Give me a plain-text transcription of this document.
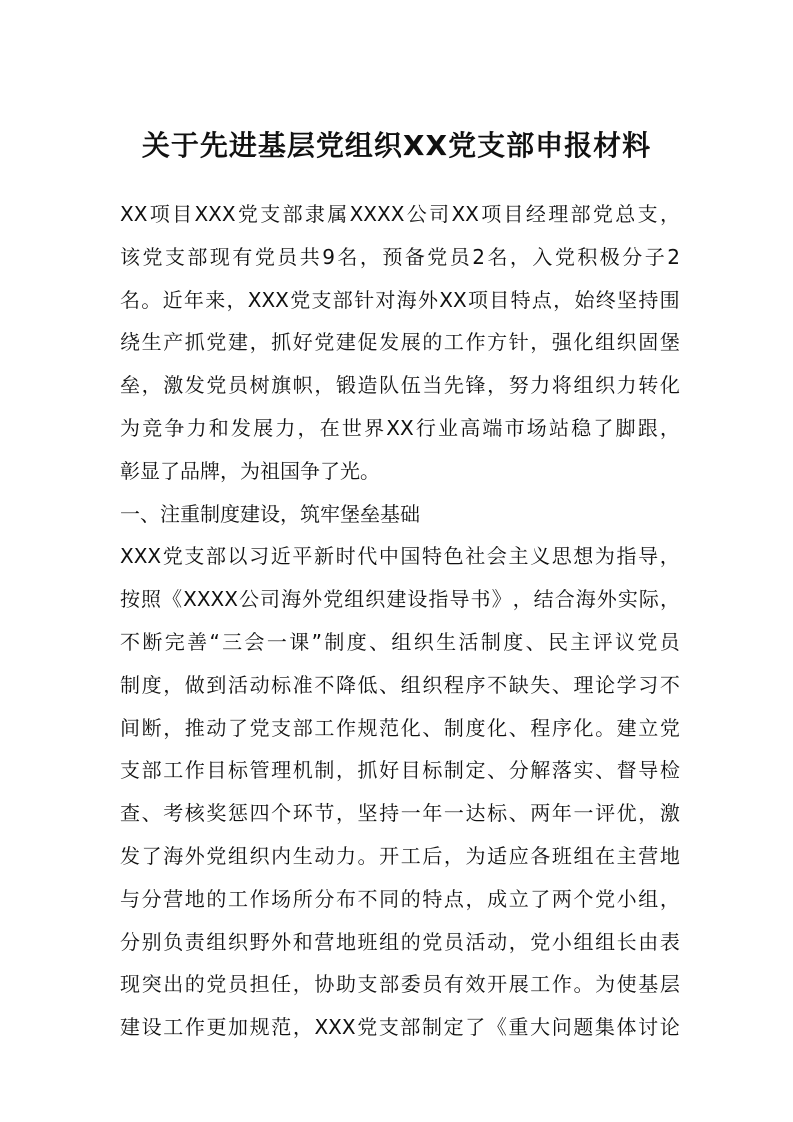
关于先进基层党组织XX党支部申报材料
XX 项 目 XXX 党 支 部 隶 属 XXXX 公 司 XX 项 目 经 理 部 党 总 支 ，
该 党 支 部 现 有 党 员 共 9 名 ， 预 备 党 员 2 名 ， 入 党 积 极 分 子 2
名 。 近 年 来 ， XXX 党 支 部 针 对 海 外 XX 项 目 特 点 ， 始 终 坚 持 围
绕 生 产 抓 党 建 ， 抓 好 党 建 促 发 展 的 工 作 方 针 ， 强 化 组 织 固 堡
垒 ， 激 发 党 员 树 旗 帜 ， 锻 造 队 伍 当 先 锋 ， 努 力 将 组 织 力 转 化
为 竞 争 力 和 发 展 力 ， 在 世 界 XX 行 业 高 端 市 场 站 稳 了 脚 跟 ，
彰显了品牌，为祖国争了光。
一、注重制度建设，筑牢堡垒基础
XXX 党 支 部 以 习 近 平 新 时 代 中 国 特 色 社 会 主 义 思 想 为 指 导 ，
按 照 《 XXXX 公 司 海 外 党 组 织 建 设 指 导 书 》 ， 结 合 海 外 实 际 ，
不 断 完 善 “ 三 会 一 课 ” 制 度 、 组 织 生 活 制 度 、 民 主 评 议 党 员
制 度 ， 做 到 活 动 标 准 不 降 低 、 组 织 程 序 不 缺 失 、 理 论 学 习 不
间 断 ， 推 动 了 党 支 部 工 作 规 范 化 、 制 度 化 、 程 序 化 。 建 立 党
支 部 工 作 目 标 管 理 机 制 ， 抓 好 目 标 制 定 、 分 解 落 实 、 督 导 检
查 、 考 核 奖 惩 四 个 环 节 ， 坚 持 一 年 一 达 标 、 两 年 一 评 优 ， 激
发 了 海 外 党 组 织 内 生 动 力 。 开 工 后 ， 为 适 应 各 班 组 在 主 营 地
与 分 营 地 的 工 作 场 所 分 布 不 同 的 特 点 ， 成 立 了 两 个 党 小 组 ，
分 别 负 责 组 织 野 外 和 营 地 班 组 的 党 员 活 动 ， 党 小 组 组 长 由 表
现 突 出 的 党 员 担 任 ， 协 助 支 部 委 员 有 效 开 展 工 作 。 为 使 基 层
建 设 工 作 更 加 规 范 ， XXX 党 支 部 制 定 了 《 重 大 问 题 集 体 讨 论
